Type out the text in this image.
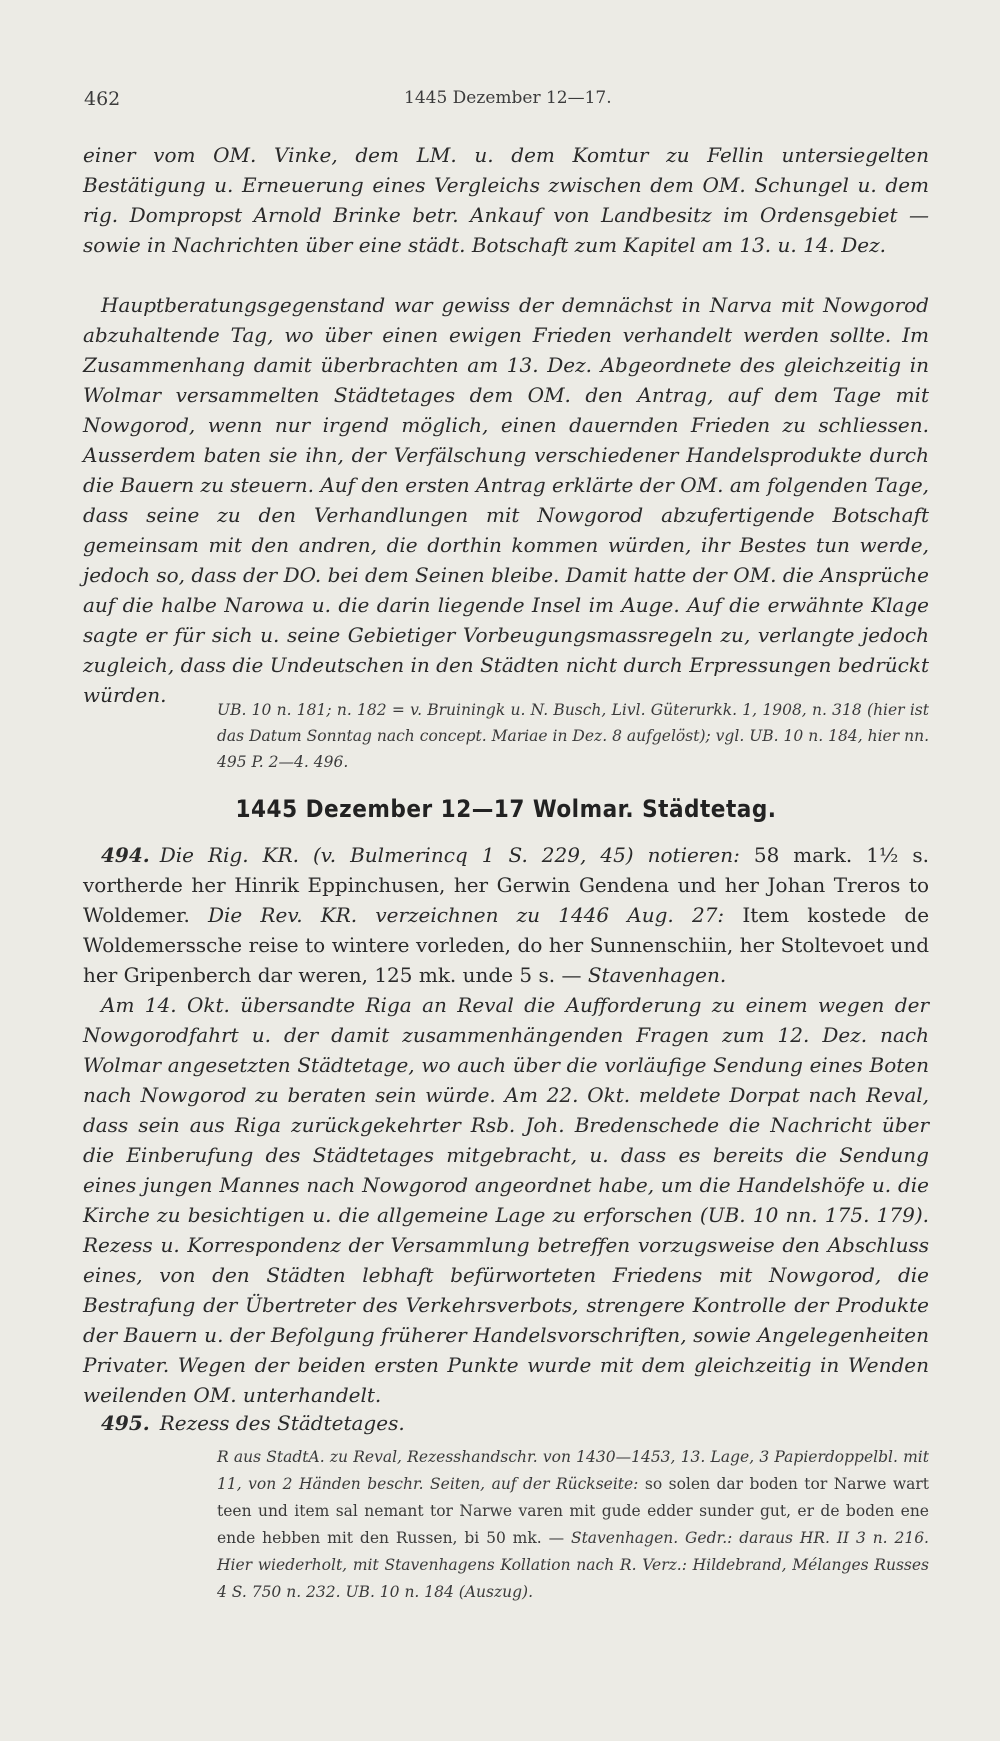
462	1445 Dezember 12—17.

einer vom OM. Vinke, dem LM. u. dem Komtur zu Fellin untersiegelten Bestätigung u. Erneuerung eines Vergleichs zwischen dem OM. Schungel u. dem rig. Dompropst Arnold Brinke betr. Ankauf von Landbesitz im Ordensgebiet — sowie in Nachrichten über eine städt. Botschaft zum Kapitel am 13. u. 14. Dez.

Hauptberatungsgegenstand war gewiss der demnächst in Narva mit Nowgorod abzuhaltende Tag, wo über einen ewigen Frieden verhandelt werden sollte. Im Zusammenhang damit überbrachten am 13. Dez. Abgeordnete des gleichzeitig in Wolmar versammelten Städtetages dem OM. den Antrag, auf dem Tage mit Nowgorod, wenn nur irgend möglich, einen dauernden Frieden zu schliessen. Ausserdem baten sie ihn, der Verfälschung verschiedener Handelsprodukte durch die Bauern zu steuern. Auf den ersten Antrag erklärte der OM. am folgenden Tage, dass seine zu den Verhandlungen mit Nowgorod abzufertigende Botschaft gemeinsam mit den andren, die dorthin kommen würden, ihr Bestes tun werde, jedoch so, dass der DO. bei dem Seinen bleibe. Damit hatte der OM. die Ansprüche auf die halbe Narowa u. die darin liegende Insel im Auge. Auf die erwähnte Klage sagte er für sich u. seine Gebietiger Vorbeugungsmassregeln zu, verlangte jedoch zugleich, dass die Undeutschen in den Städten nicht durch Erpressungen bedrückt würden.

UB. 10 n. 181; n. 182 = v. Bruiningk u. N. Busch, Livl. Güterurkk. 1, 1908, n. 318 (hier ist das Datum Sonntag nach concept. Mariae in Dez. 8 aufgelöst); vgl. UB. 10 n. 184, hier nn. 495 P. 2—4. 496.

1445 Dezember 12—17 Wolmar. Städtetag.

494. Die Rig. KR. (v. Bulmerincq 1 S. 229, 45) notieren: 58 mark. 1½ s. vortherde her Hinrik Eppinchusen, her Gerwin Gendena und her Johan Treros to Woldemer. Die Rev. KR. verzeichnen zu 1446 Aug. 27: Item kostede de Woldemerssche reise to wintere vorleden, do her Sunnenschiin, her Stoltevoet und her Gripenberch dar weren, 125 mk. unde 5 s. — Stavenhagen.

Am 14. Okt. übersandte Riga an Reval die Aufforderung zu einem wegen der Nowgorodfahrt u. der damit zusammenhängenden Fragen zum 12. Dez. nach Wolmar angesetzten Städtetage, wo auch über die vorläufige Sendung eines Boten nach Nowgorod zu beraten sein würde. Am 22. Okt. meldete Dorpat nach Reval, dass sein aus Riga zurückgekehrter Rsb. Joh. Bredenschede die Nachricht über die Einberufung des Städtetages mitgebracht, u. dass es bereits die Sendung eines jungen Mannes nach Nowgorod angeordnet habe, um die Handelshöfe u. die Kirche zu besichtigen u. die allgemeine Lage zu erforschen (UB. 10 nn. 175. 179). Rezess u. Korrespondenz der Versammlung betreffen vorzugsweise den Abschluss eines, von den Städten lebhaft befürworteten Friedens mit Nowgorod, die Bestrafung der Übertreter des Verkehrsverbots, strengere Kontrolle der Produkte der Bauern u. der Befolgung früherer Handelsvorschriften, sowie Angelegenheiten Privater. Wegen der beiden ersten Punkte wurde mit dem gleichzeitig in Wenden weilenden OM. unterhandelt.

495. Rezess des Städtetages.

R aus StadtA. zu Reval, Rezesshandschr. von 1430—1453, 13. Lage, 3 Papierdoppelbl. mit 11, von 2 Händen beschr. Seiten, auf der Rückseite: so solen dar boden tor Narwe wart teen und item sal nemant tor Narwe varen mit gude edder sunder gut, er de boden ene ende hebben mit den Russen, bi 50 mk. — Stavenhagen. Gedr.: daraus HR. II 3 n. 216. Hier wiederholt, mit Stavenhagens Kollation nach R. Verz.: Hildebrand, Mélanges Russes 4 S. 750 n. 232. UB. 10 n. 184 (Auszug).
